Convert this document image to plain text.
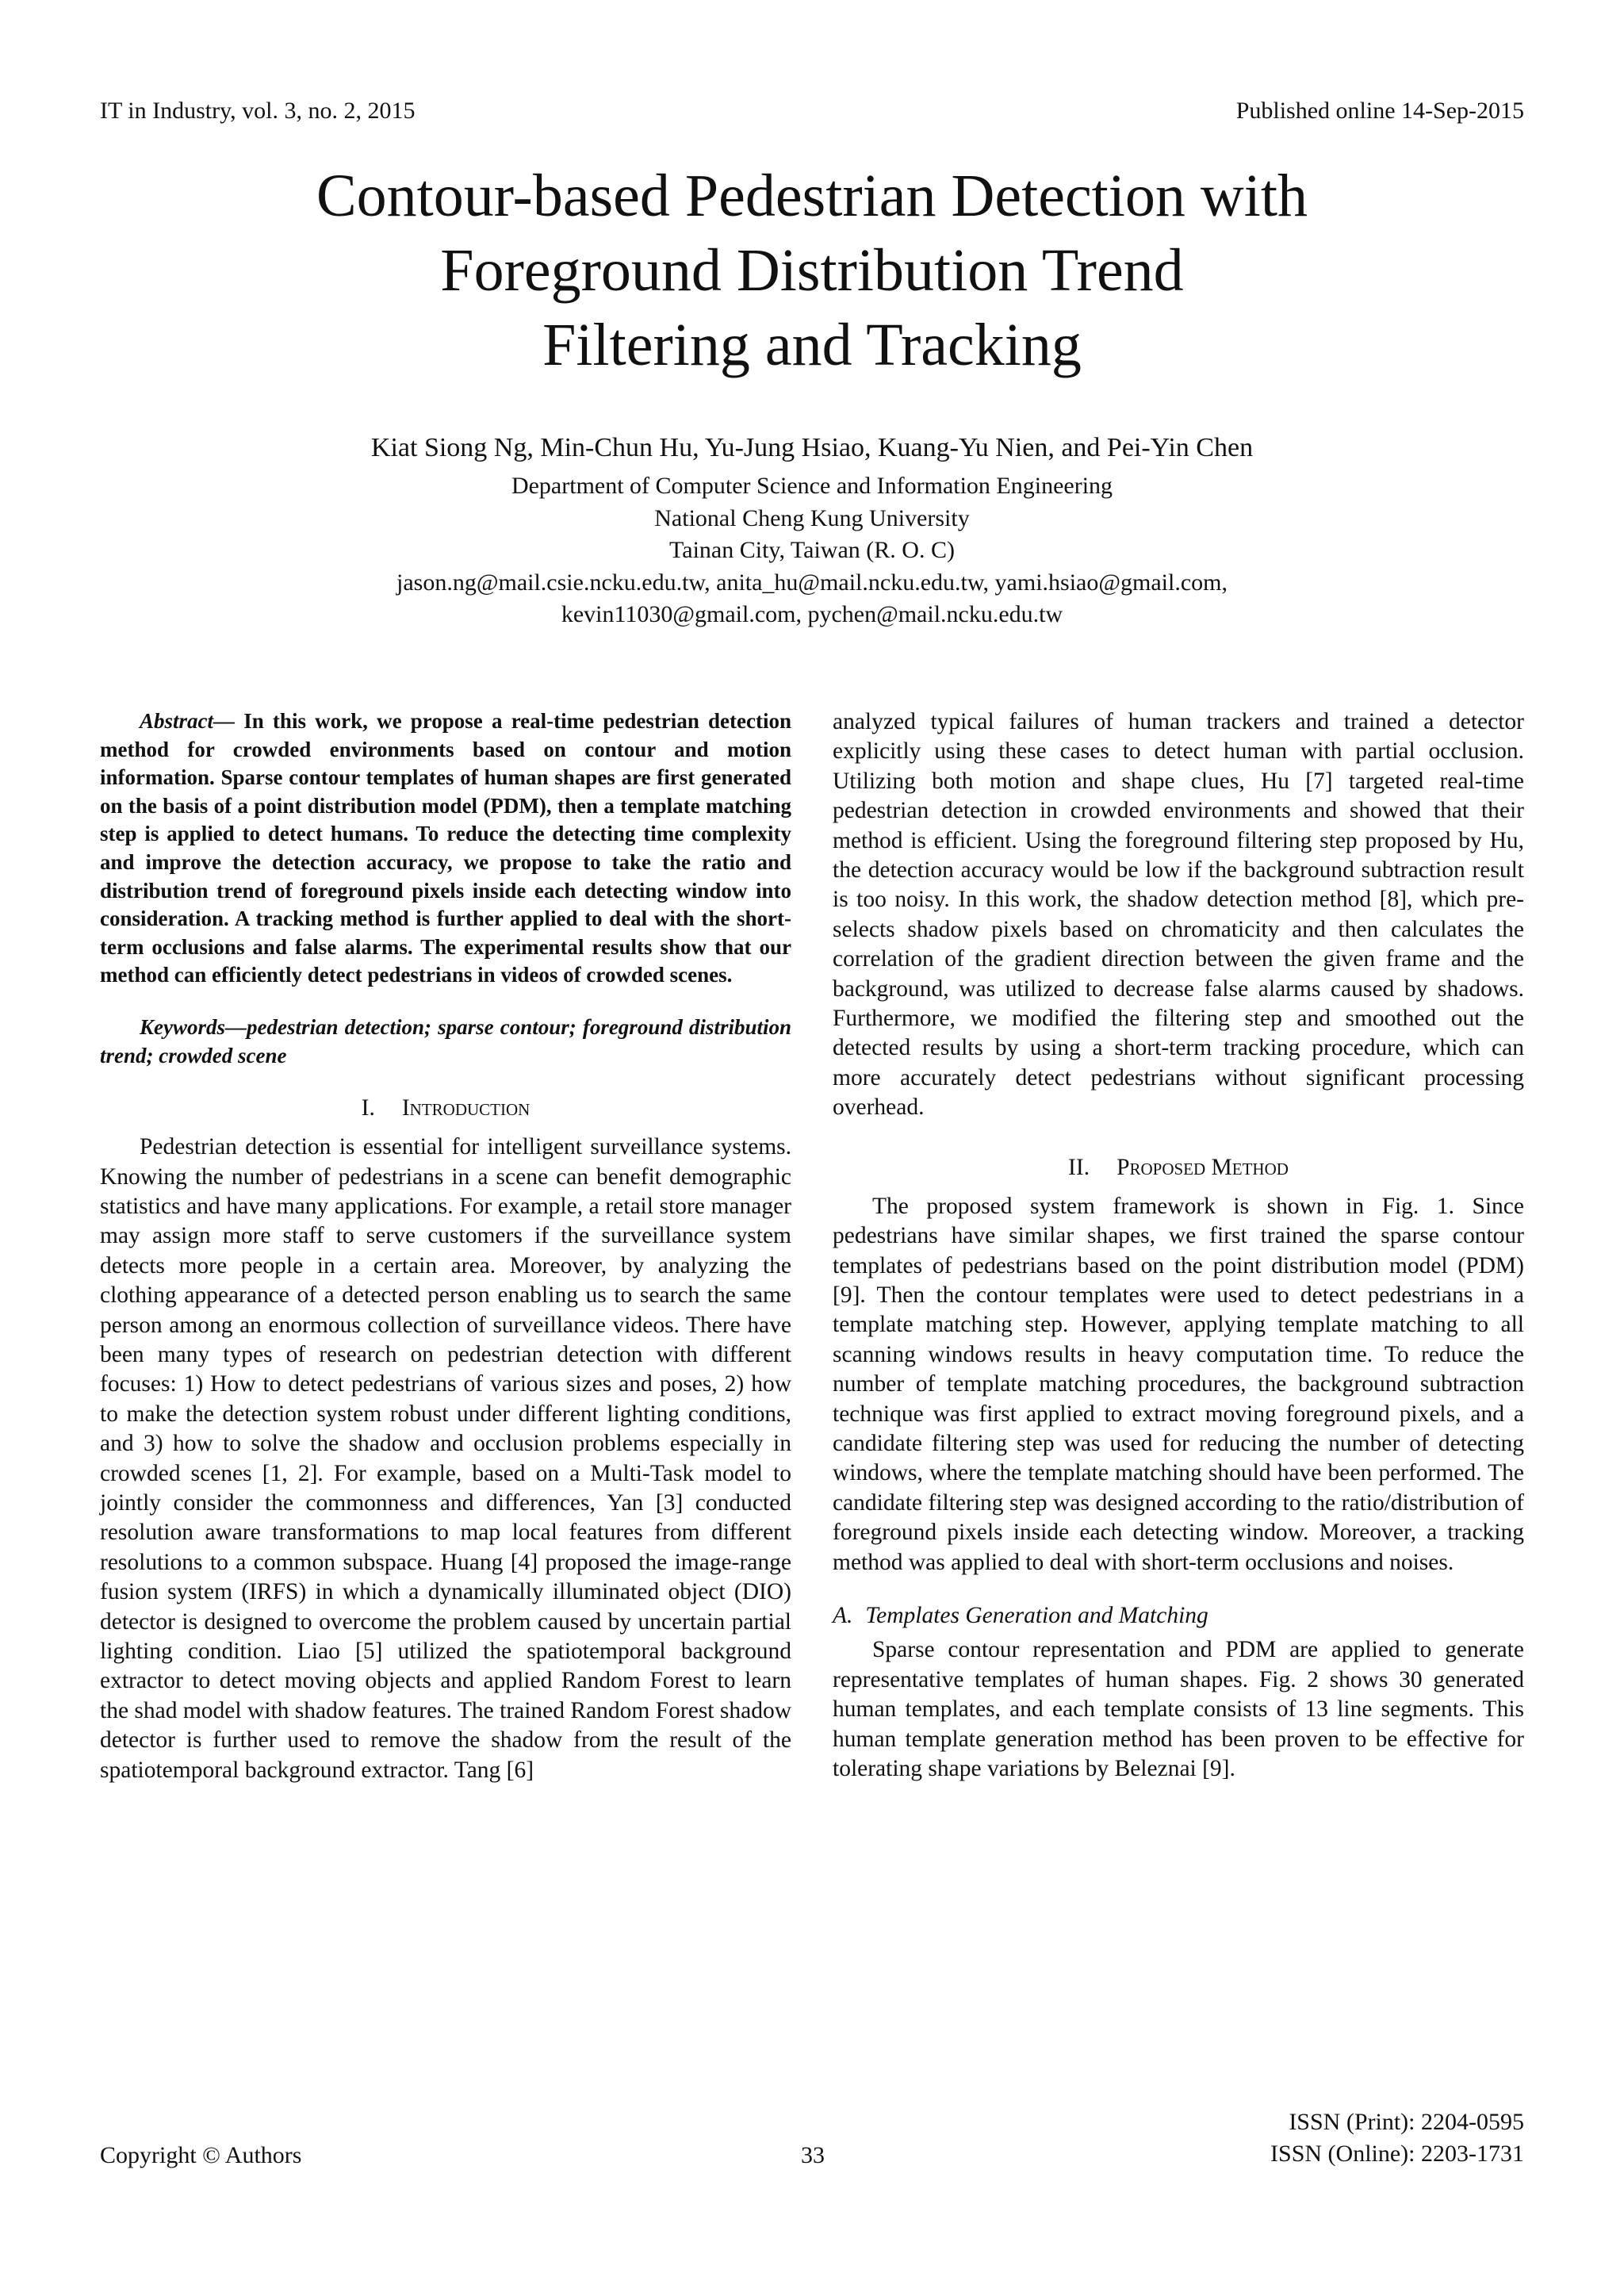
IT in Industry, vol. 3, no. 2, 2015	Published online 14-Sep-2015
Contour-based Pedestrian Detection with
Foreground Distribution Trend
Filtering and Tracking
Kiat Siong Ng, Min-Chun Hu, Yu-Jung Hsiao, Kuang-Yu Nien, and Pei-Yin Chen
Department of Computer Science and Information Engineering
National Cheng Kung University
Tainan City, Taiwan (R. O. C)
jason.ng@mail.csie.ncku.edu.tw, anita_hu@mail.ncku.edu.tw, yami.hsiao@gmail.com,
kevin11030@gmail.com, pychen@mail.ncku.edu.tw

Abstract— In this work, we propose a real-time pedestrian detection method for crowded environments based on contour and motion information. Sparse contour templates of human shapes are first generated on the basis of a point distribution model (PDM), then a template matching step is applied to detect humans. To reduce the detecting time complexity and improve the detection accuracy, we propose to take the ratio and distribution trend of foreground pixels inside each detecting window into consideration. A tracking method is further applied to deal with the short-term occlusions and false alarms. The experimental results show that our method can efficiently detect pedestrians in videos of crowded scenes.

Keywords—pedestrian detection; sparse contour; foreground distribution trend; crowded scene

I. Introduction

Pedestrian detection is essential for intelligent surveillance systems. Knowing the number of pedestrians in a scene can benefit demographic statistics and have many applications. For example, a retail store manager may assign more staff to serve customers if the surveillance system detects more people in a certain area. Moreover, by analyzing the clothing appearance of a detected person enabling us to search the same person among an enormous collection of surveillance videos. There have been many types of research on pedestrian detection with different focuses: 1) How to detect pedestrians of various sizes and poses, 2) how to make the detection system robust under different lighting conditions, and 3) how to solve the shadow and occlusion problems especially in crowded scenes [1, 2]. For example, based on a Multi-Task model to jointly consider the commonness and differences, Yan [3] conducted resolution aware transformations to map local features from different resolutions to a common subspace. Huang [4] proposed the image-range fusion system (IRFS) in which a dynamically illuminated object (DIO) detector is designed to overcome the problem caused by uncertain partial lighting condition. Liao [5] utilized the spatiotemporal background extractor to detect moving objects and applied Random Forest to learn the shad model with shadow features. The trained Random Forest shadow detector is further used to remove the shadow from the result of the spatiotemporal background extractor. Tang [6]

analyzed typical failures of human trackers and trained a detector explicitly using these cases to detect human with partial occlusion. Utilizing both motion and shape clues, Hu [7] targeted real-time pedestrian detection in crowded environments and showed that their method is efficient. Using the foreground filtering step proposed by Hu, the detection accuracy would be low if the background subtraction result is too noisy. In this work, the shadow detection method [8], which pre-selects shadow pixels based on chromaticity and then calculates the correlation of the gradient direction between the given frame and the background, was utilized to decrease false alarms caused by shadows. Furthermore, we modified the filtering step and smoothed out the detected results by using a short-term tracking procedure, which can more accurately detect pedestrians without significant processing overhead.

II. Proposed Method

The proposed system framework is shown in Fig. 1. Since pedestrians have similar shapes, we first trained the sparse contour templates of pedestrians based on the point distribution model (PDM) [9]. Then the contour templates were used to detect pedestrians in a template matching step. However, applying template matching to all scanning windows results in heavy computation time. To reduce the number of template matching procedures, the background subtraction technique was first applied to extract moving foreground pixels, and a candidate filtering step was used for reducing the number of detecting windows, where the template matching should have been performed. The candidate filtering step was designed according to the ratio/distribution of foreground pixels inside each detecting window. Moreover, a tracking method was applied to deal with short-term occlusions and noises.

A. Templates Generation and Matching

Sparse contour representation and PDM are applied to generate representative templates of human shapes. Fig. 2 shows 30 generated human templates, and each template consists of 13 line segments. This human template generation method has been proven to be effective for tolerating shape variations by Beleznai [9].

Copyright © Authors	33
ISSN (Print): 2204-0595
ISSN (Online): 2203-1731
